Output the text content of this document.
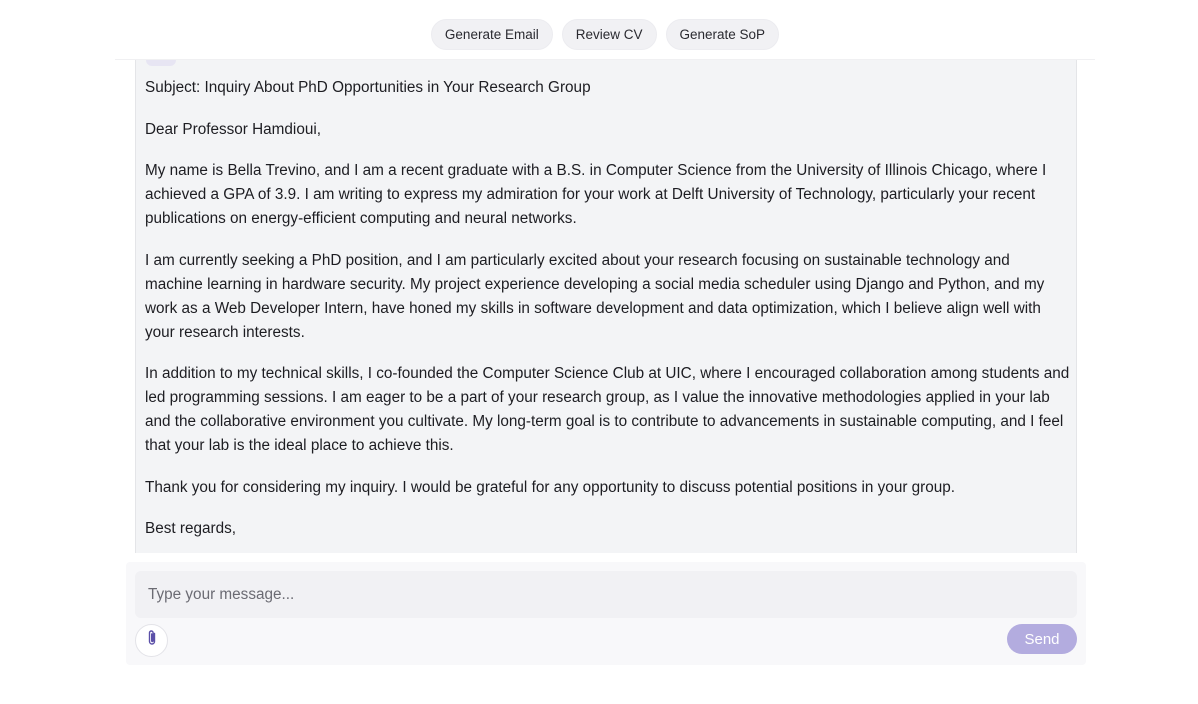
Generate Email	Review CV	Generate SoP

Subject: Inquiry About PhD Opportunities in Your Research Group

Dear Professor Hamdioui,

My name is Bella Trevino, and I am a recent graduate with a B.S. in Computer Science from the University of Illinois Chicago, where I achieved a GPA of 3.9. I am writing to express my admiration for your work at Delft University of Technology, particularly your recent publications on energy-efficient computing and neural networks.

I am currently seeking a PhD position, and I am particularly excited about your research focusing on sustainable technology and machine learning in hardware security. My project experience developing a social media scheduler using Django and Python, and my work as a Web Developer Intern, have honed my skills in software development and data optimization, which I believe align well with your research interests.

In addition to my technical skills, I co-founded the Computer Science Club at UIC, where I encouraged collaboration among students and led programming sessions. I am eager to be a part of your research group, as I value the innovative methodologies applied in your lab and the collaborative environment you cultivate. My long-term goal is to contribute to advancements in sustainable computing, and I feel that your lab is the ideal place to achieve this.

Thank you for considering my inquiry. I would be grateful for any opportunity to discuss potential positions in your group.

Best regards,

Type your message...
Send
